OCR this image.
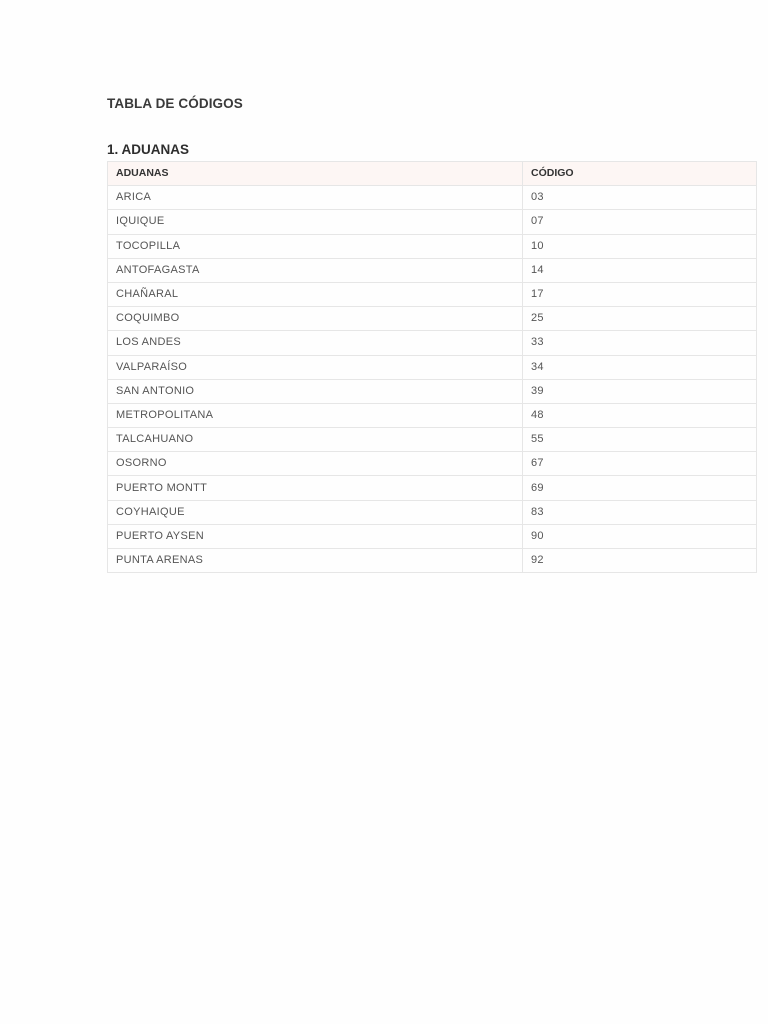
TABLA DE CÓDIGOS
1. ADUANAS
ADUANAS	CÓDIGO
ARICA	03
IQUIQUE	07
TOCOPILLA	10
ANTOFAGASTA	14
CHAÑARAL	17
COQUIMBO	25
LOS ANDES	33
VALPARAÍSO	34
SAN ANTONIO	39
METROPOLITANA	48
TALCAHUANO	55
OSORNO	67
PUERTO MONTT	69
COYHAIQUE	83
PUERTO AYSEN	90
PUNTA ARENAS	92
